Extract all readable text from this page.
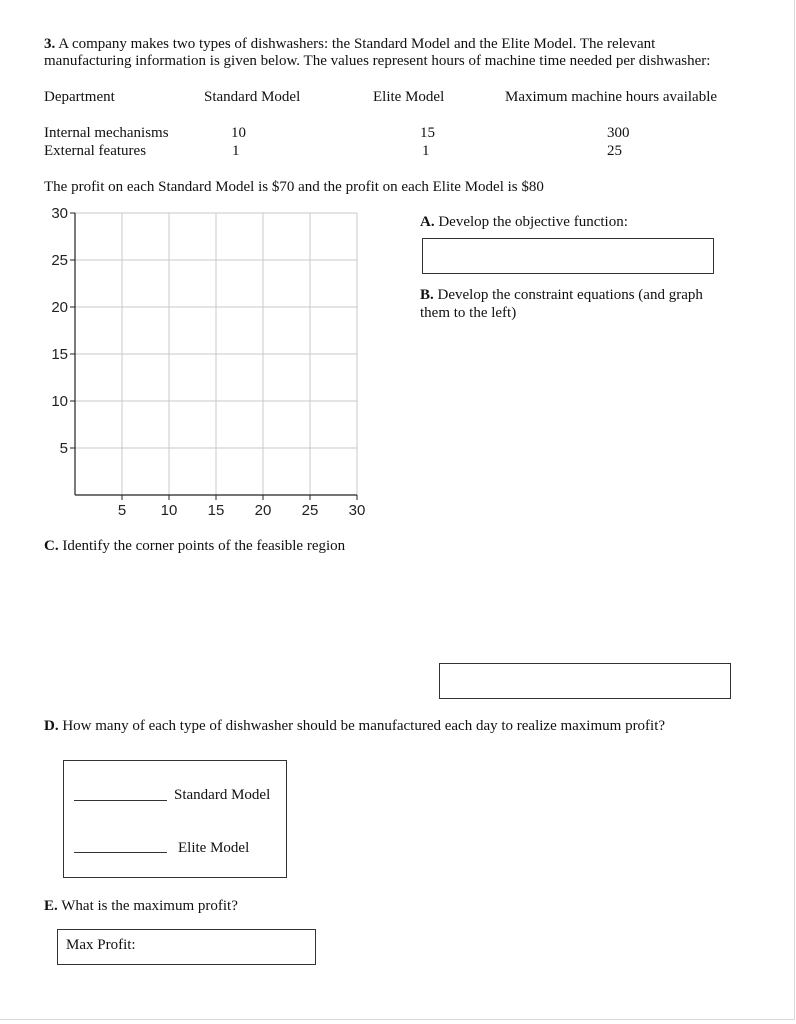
3. A company makes two types of dishwashers: the Standard Model and the Elite Model. The relevant
manufacturing information is given below. The values represent hours of machine time needed per dishwasher:
Department	Standard Model	Elite Model	Maximum machine hours available
Internal mechanisms	10	15	300
External features	1	1	25
The profit on each Standard Model is $70 and the profit on each Elite Model is $80
5
10
15
20
25
30
5 10 15 20 25 30
A. Develop the objective function:
B. Develop the constraint equations (and graph
them to the left)
C. Identify the corner points of the feasible region
D. How many of each type of dishwasher should be manufactured each day to realize maximum profit?
Standard Model
Elite Model
E. What is the maximum profit?
Max Profit:
